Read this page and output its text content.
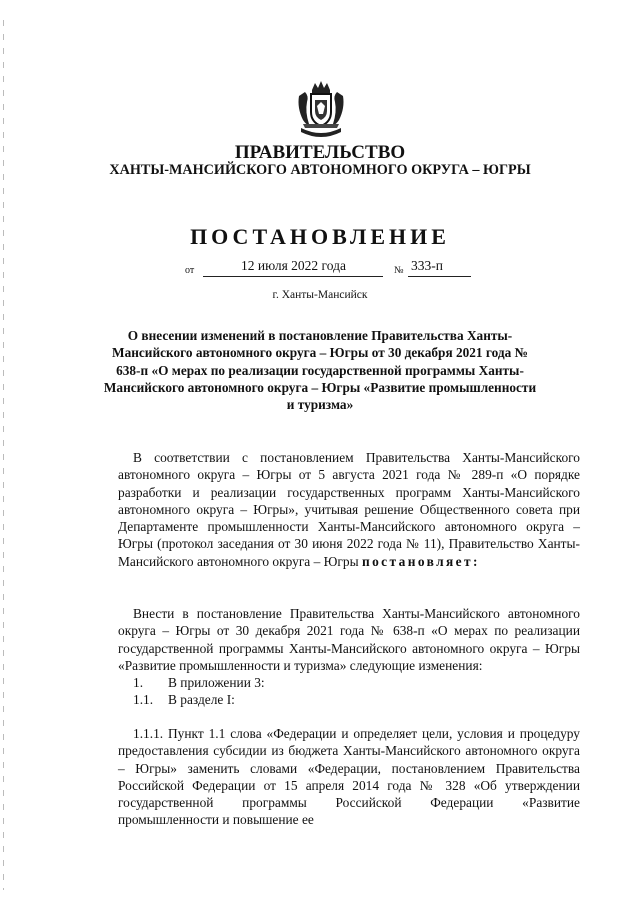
ПРАВИТЕЛЬСТВО
ХАНТЫ-МАНСИЙСКОГО АВТОНОМНОГО ОКРУГА – ЮГРЫ
ПОСТАНОВЛЕНИЕ
от	12 июля 2022 года	№ 333-п
г. Ханты-Мансийск
О внесении изменений в постановление Правительства Ханты-Мансийского автономного округа – Югры от 30 декабря 2021 года № 638-п «О мерах по реализации государственной программы Ханты-Мансийского автономного округа – Югры «Развитие промышленности и туризма»

В соответствии с постановлением Правительства Ханты-Мансийского автономного округа – Югры от 5 августа 2021 года № 289-п «О порядке разработки и реализации государственных программ Ханты-Мансийского автономного округа – Югры», учитывая решение Общественного совета при Департаменте промышленности Ханты-Мансийского автономного округа – Югры (протокол заседания от 30 июня 2022 года № 11), Правительство Ханты-Мансийского автономного округа – Югры постановляет:

Внести в постановление Правительства Ханты-Мансийского автономного округа – Югры от 30 декабря 2021 года № 638-п «О мерах по реализации государственной программы Ханты-Мансийского автономного округа – Югры «Развитие промышленности и туризма» следующие изменения:

1. В приложении 3:
1.1. В разделе I:

1.1.1. Пункт 1.1 слова «Федерации и определяет цели, условия и процедуру предоставления субсидии из бюджета Ханты-Мансийского автономного округа – Югры» заменить словами «Федерации, постановлением Правительства Российской Федерации от 15 апреля 2014 года № 328 «Об утверждении государственной программы Российской Федерации «Развитие промышленности и повышение ее
